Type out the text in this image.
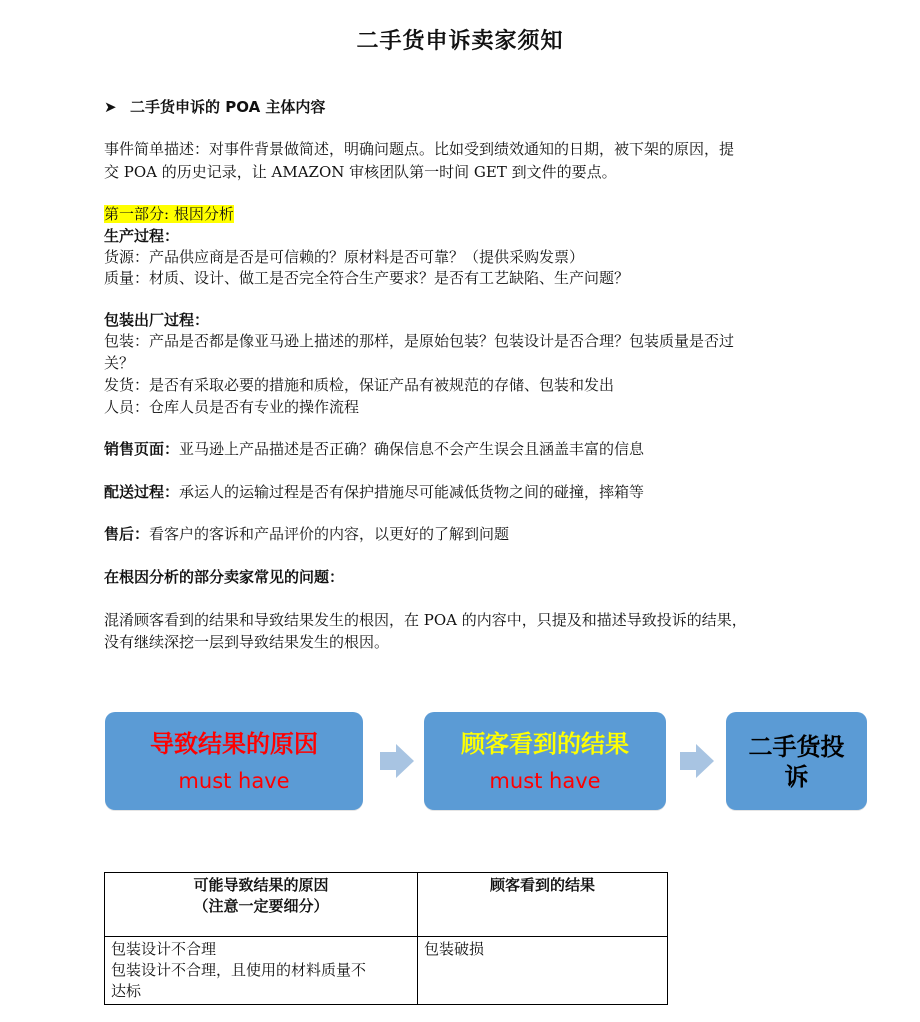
二手货申诉卖家须知
➤ 二手货申诉的 POA 主体内容
事件简单描述：对事件背景做简述，明确问题点。比如受到绩效通知的日期，被下架的原因，提
交 POA 的历史记录，让 AMAZON 审核团队第一时间 GET 到文件的要点。
第一部分: 根因分析
生产过程：
货源：产品供应商是否是可信赖的？原材料是否可靠？（提供采购发票）
质量：材质、设计、做工是否完全符合生产要求？是否有工艺缺陷、生产问题？
包装出厂过程：
包装：产品是否都是像亚马逊上描述的那样，是原始包装？包装设计是否合理？包装质量是否过
关？
发货：是否有采取必要的措施和质检，保证产品有被规范的存储、包装和发出
人员：仓库人员是否有专业的操作流程
销售页面：亚马逊上产品描述是否正确？确保信息不会产生误会且涵盖丰富的信息
配送过程：承运人的运输过程是否有保护措施尽可能减低货物之间的碰撞，摔箱等
售后：看客户的客诉和产品评价的内容，以更好的了解到问题
在根因分析的部分卖家常见的问题：
混淆顾客看到的结果和导致结果发生的根因，在 POA 的内容中，只提及和描述导致投诉的结果，
没有继续深挖一层到导致结果发生的根因。
导致结果的原因
must have
顾客看到的结果
must have
二手货投
诉
可能导致结果的原因
（注意一定要细分）	顾客看到的结果

包装设计不合理
包装设计不合理，且使用的材料质量不
达标	包装破损
